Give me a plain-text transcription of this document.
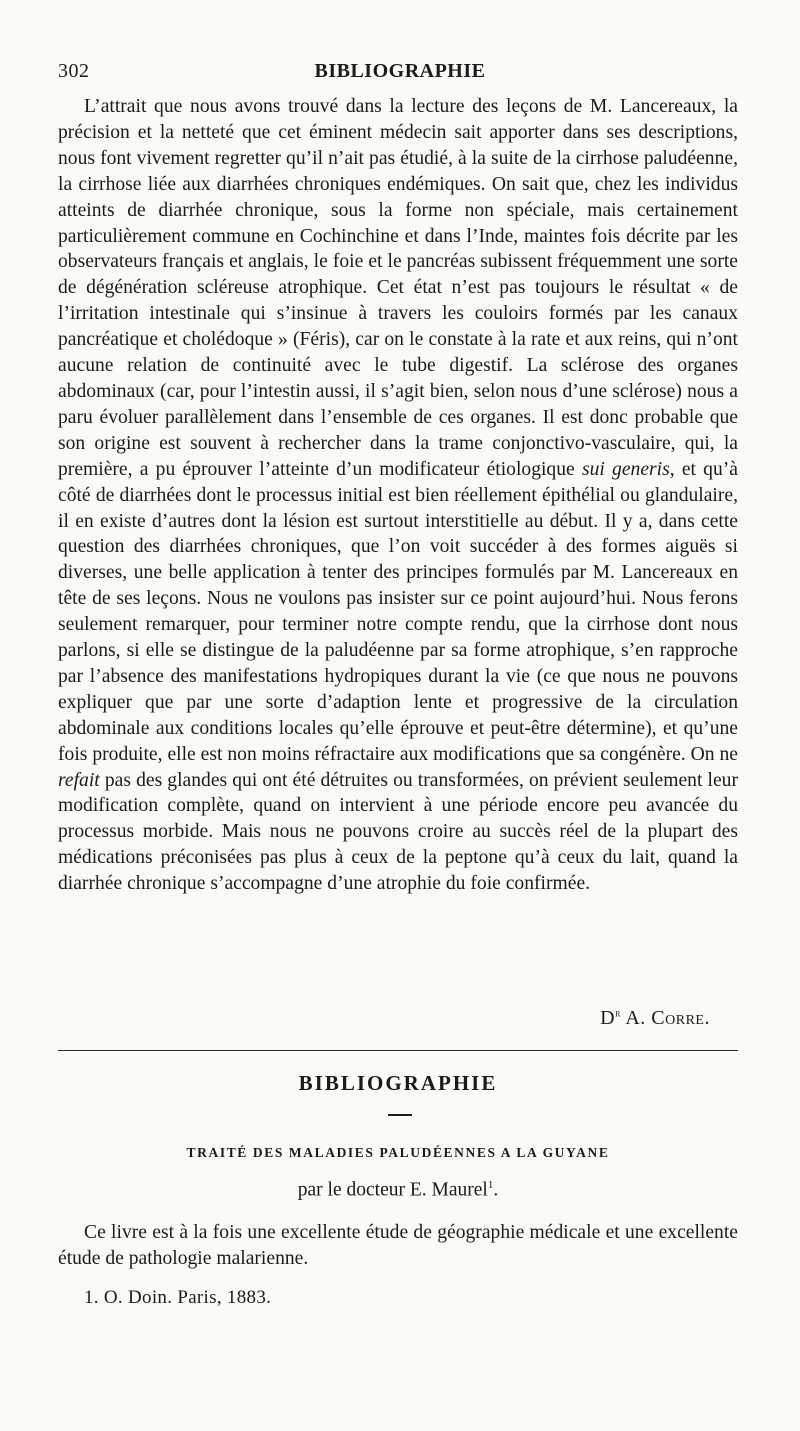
302	BIBLIOGRAPHIE

L’attrait que nous avons trouvé dans la lecture des leçons de M. Lancereaux, la précision et la netteté que cet éminent médecin sait apporter dans ses descriptions, nous font vivement regretter qu’il n’ait pas étudié, à la suite de la cirrhose paludéenne, la cirrhose liée aux diarrhées chroniques endémiques. On sait que, chez les individus atteints de diarrhée chronique, sous la forme non spéciale, mais certainement particulièrement commune en Cochinchine et dans l’Inde, maintes fois décrite par les observateurs français et anglais, le foie et le pancréas subissent fréquemment une sorte de dégénération scléreuse atrophique. Cet état n’est pas toujours le résultat « de l’irritation intestinale qui s’insinue à travers les couloirs formés par les canaux pancréatique et cholédoque » (Féris), car on le constate à la rate et aux reins, qui n’ont aucune relation de continuité avec le tube digestif. La sclérose des organes abdominaux (car, pour l’intestin aussi, il s’agit bien, selon nous d’une sclérose) nous a paru évoluer parallèlement dans l’ensemble de ces organes. Il est donc probable que son origine est souvent à rechercher dans la trame conjonctivo-vasculaire, qui, la première, a pu éprouver l’atteinte d’un modificateur étiologique sui generis, et qu’à côté de diarrhées dont le processus initial est bien réellement épithélial ou glandulaire, il en existe d’autres dont la lésion est surtout interstitielle au début. Il y a, dans cette question des diarrhées chroniques, que l’on voit succéder à des formes aiguës si diverses, une belle application à tenter des principes formulés par M. Lancereaux en tête de ses leçons. Nous ne voulons pas insister sur ce point aujourd’hui. Nous ferons seulement remarquer, pour terminer notre compte rendu, que la cirrhose dont nous parlons, si elle se distingue de la paludéenne par sa forme atrophique, s’en rapproche par l’absence des manifestations hydropiques durant la vie (ce que nous ne pouvons expliquer que par une sorte d’adaption lente et progressive de la circulation abdominale aux conditions locales qu’elle éprouve et peut-être détermine), et qu’une fois produite, elle est non moins réfractaire aux modifications que sa congénère. On ne refait pas des glandes qui ont été détruites ou transformées, on prévient seulement leur modification complète, quand on intervient à une période encore peu avancée du processus morbide. Mais nous ne pouvons croire au succès réel de la plupart des médications préconisées pas plus à ceux de la peptone qu’à ceux du lait, quand la diarrhée chronique s’accompagne d’une atrophie du foie confirmée.

$D^r$ A. Corre.
BIBLIOGRAPHIE
TRAITÉ DES MALADIES PALUDÉENNES A LA GUYANE
par le docteur E. Maurel$^1$.

Ce livre est à la fois une excellente étude de géographie médicale et une excellente étude de pathologie malarienne.

1. O. Doin. Paris, 1883.
